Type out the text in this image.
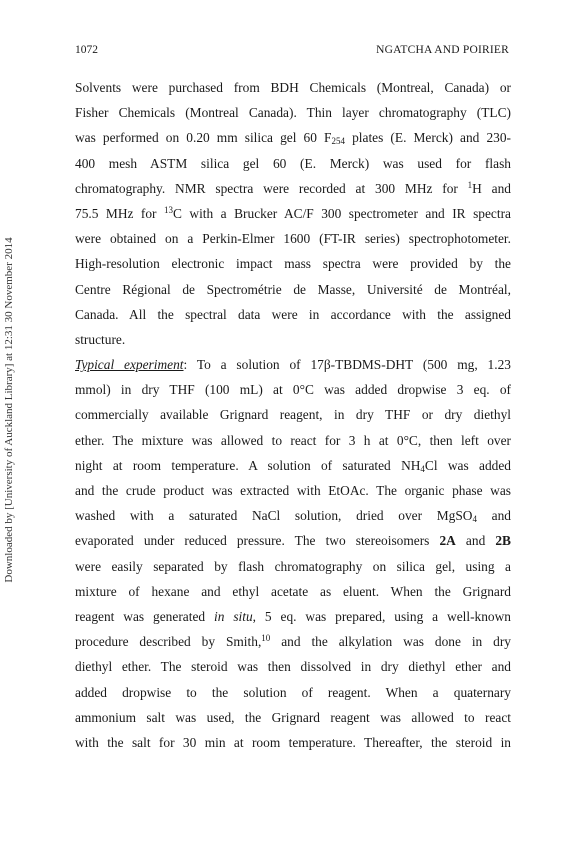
1072	NGATCHA AND POIRIER
Downloaded by [University of Auckland Library] at 12:31 30 November 2014
Solvents were purchased from BDH Chemicals (Montreal, Canada) or
Fisher Chemicals (Montreal Canada). Thin layer chromatography (TLC)
was performed on 0.20 mm silica gel 60 $F_{254}$ plates (E. Merck) and 230-
400 mesh ASTM silica gel 60 (E. Merck) was used for flash
chromatography. NMR spectra were recorded at 300 MHz for $^1$H and
75.5 MHz for $^{13}$C with a Brucker AC/F 300 spectrometer and IR spectra
were obtained on a Perkin-Elmer 1600 (FT-IR series) spectrophotometer.
High-resolution electronic impact mass spectra were provided by the
Centre Régional de Spectrométrie de Masse, Université de Montréal,
Canada. All the spectral data were in accordance with the assigned
structure.
Typical experiment: To a solution of 17β-TBDMS-DHT (500 mg, 1.23
mmol) in dry THF (100 mL) at 0°C was added dropwise 3 eq. of
commercially available Grignard reagent, in dry THF or dry diethyl
ether. The mixture was allowed to react for 3 h at 0°C, then left over
night at room temperature. A solution of saturated $NH_4Cl$ was added
and the crude product was extracted with EtOAc. The organic phase was
washed with a saturated NaCl solution, dried over MgSO$_4$ and
evaporated under reduced pressure. The two stereoisomers 2A and 2B
were easily separated by flash chromatography on silica gel, using a
mixture of hexane and ethyl acetate as eluent. When the Grignard
reagent was generated in situ, 5 eq. was prepared, using a well-known
procedure described by Smith,$^{10}$ and the alkylation was done in dry
diethyl ether. The steroid was then dissolved in dry diethyl ether and
added dropwise to the solution of reagent. When a quaternary
ammonium salt was used, the Grignard reagent was allowed to react
with the salt for 30 min at room temperature. Thereafter, the steroid in
